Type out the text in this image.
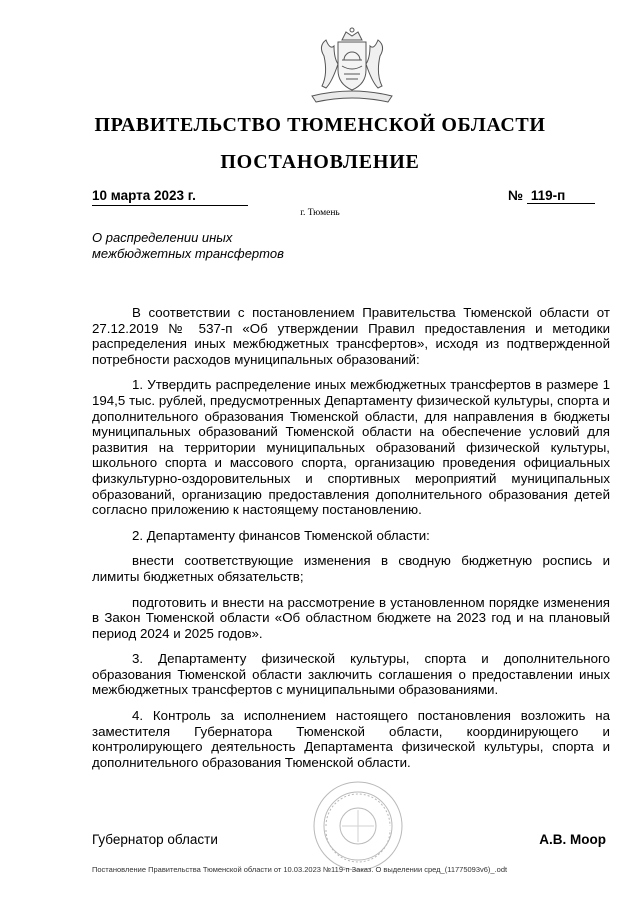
ПРАВИТЕЛЬСТВО ТЮМЕНСКОЙ ОБЛАСТИ
ПОСТАНОВЛЕНИЕ
10 марта 2023 г.	№ 119-п
г. Тюмень
О распределении иных
межбюджетных трансфертов

В соответствии с постановлением Правительства Тюменской области от 27.12.2019 № 537-п «Об утверждении Правил предоставления и методики распределения иных межбюджетных трансфертов», исходя из подтвержденной потребности расходов муниципальных образований:

1. Утвердить распределение иных межбюджетных трансфертов в размере 1 194,5 тыс. рублей, предусмотренных Департаменту физической культуры, спорта и дополнительного образования Тюменской области, для направления в бюджеты муниципальных образований Тюменской области на обеспечение условий для развития на территории муниципальных образований физической культуры, школьного спорта и массового спорта, организацию проведения официальных физкультурно-оздоровительных и спортивных мероприятий муниципальных образований, организацию предоставления дополнительного образования детей согласно приложению к настоящему постановлению.

2. Департаменту финансов Тюменской области:

внести соответствующие изменения в сводную бюджетную роспись и лимиты бюджетных обязательств;

подготовить и внести на рассмотрение в установленном порядке изменения в Закон Тюменской области «Об областном бюджете на 2023 год и на плановый период 2024 и 2025 годов».

3. Департаменту физической культуры, спорта и дополнительного образования Тюменской области заключить соглашения о предоставлении иных межбюджетных трансфертов с муниципальными образованиями.

4. Контроль за исполнением настоящего постановления возложить на заместителя Губернатора Тюменской области, координирующего и контролирующего деятельность Департамента физической культуры, спорта и дополнительного образования Тюменской области.

Губернатор области	А.В. Моор
Постановление Правительства Тюменской области от 10.03.2023 №119-п Заказ. О выделении сред_(11775093v6)_.odt
